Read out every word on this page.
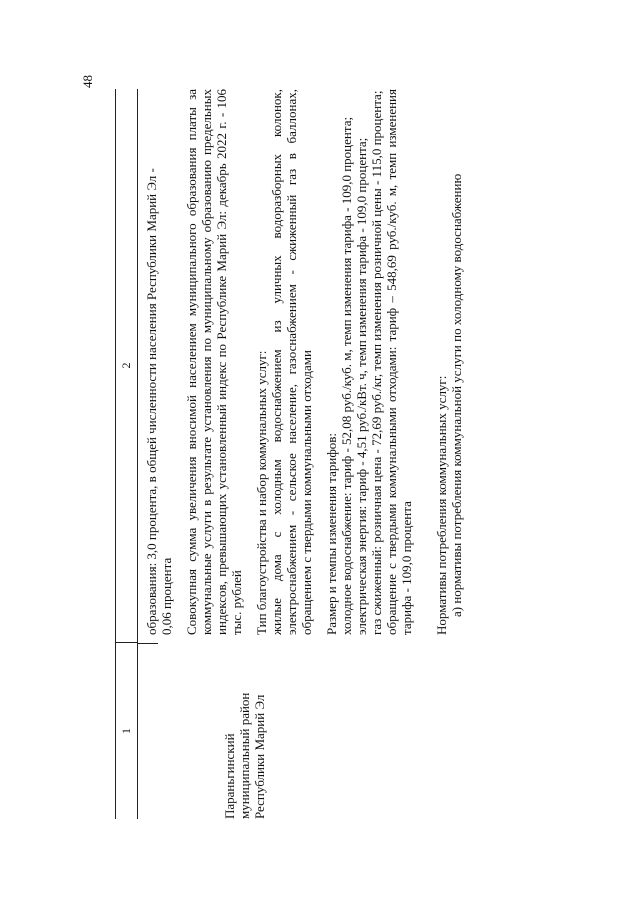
48
1
2
Параньгинский муниципальный район Республики Марий Эл

образования: 3,0 процента, в общей численности населения Республики Марий Эл - 0,06 процента Совокупная сумма увеличения вносимой населением муниципального образования платы за коммунальные услуги в результате установления по муниципальному образованию предельных индексов, превышающих установленный индекс по Республике Марий Эл: декабрь 2022 г. - 106 тыс. рублей Тип благоустройства и набор коммунальных услуг: жилые дома с холодным водоснабжением из уличных водоразборных колонок, электроснабжением - сельское население, газоснабжением - сжиженный газ в баллонах, обращением с твердыми коммунальными отходами Размер и темпы изменения тарифов: холодное водоснабжение: тариф - 52,08 руб./куб. м, темп изменения тарифа - 109,0 процента; электрическая энергия: тариф - 4,51 руб./кВт. ч, темп изменения тарифа - 109,0 процента; газ сжиженный: розничная цена - 72,69 руб./кг, темп изменения розничной цены - 115,0 процента; обращение с твердыми коммунальными отходами: тариф – 548,69 руб./куб. м, темп изменения тарифа - 109,0 процента Нормативы потребления коммунальных услуг: а) нормативы потребления коммунальной услуги по холодному водоснабжению
